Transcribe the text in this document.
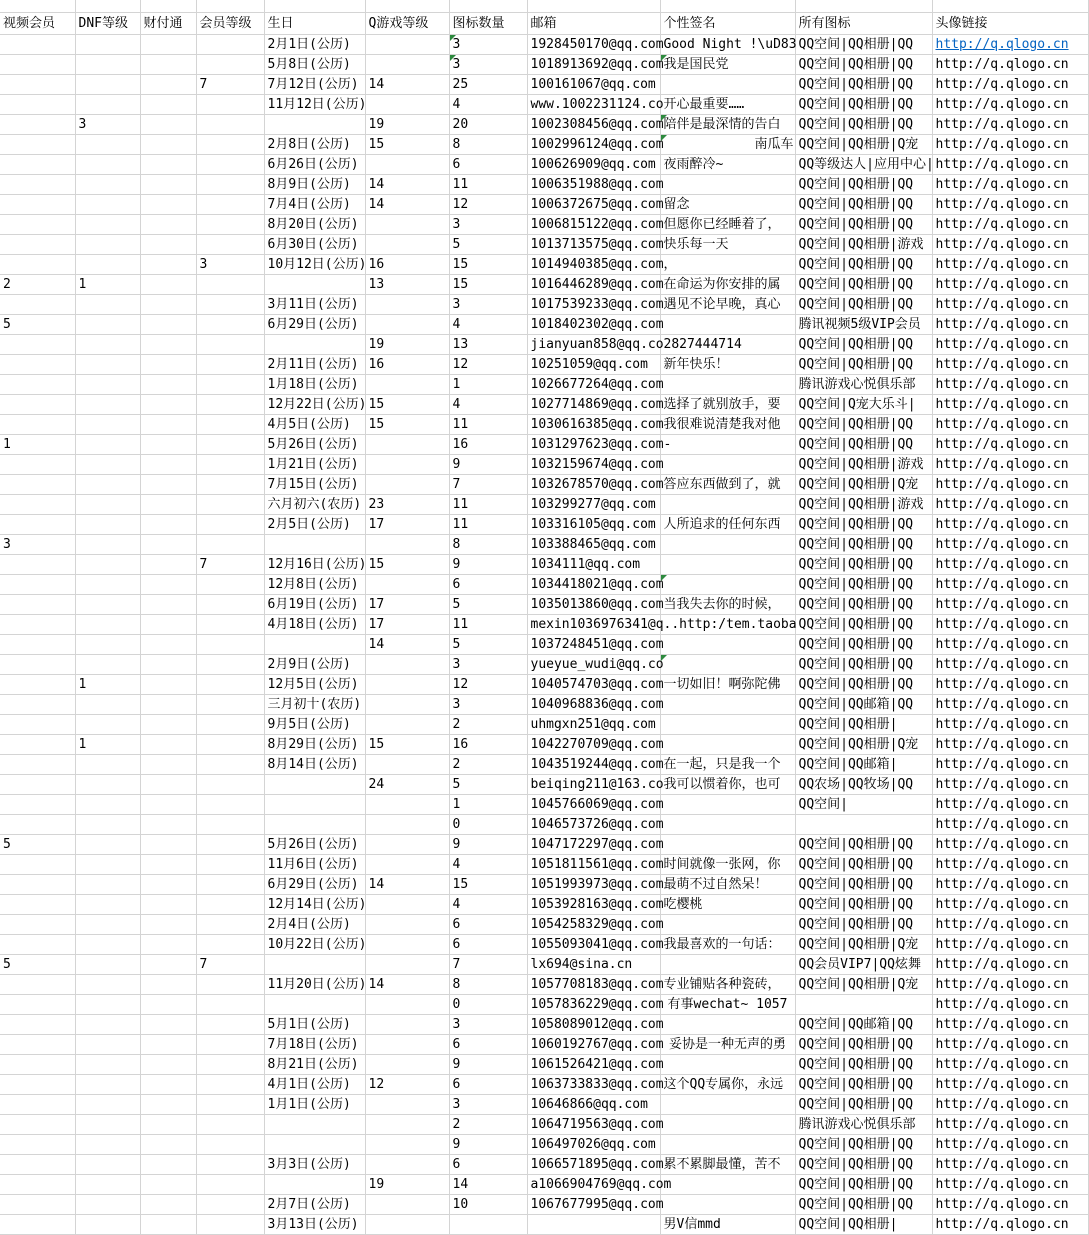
视频会员	DNF等级	财付通	会员等级	生日	Q游戏等级	图标数量	邮箱	个性签名	所有图标	头像链接
				2月1日(公历)		3	1928450170@qq.com	Good Night !\uD83	QQ空间|QQ相册|QQ	http://q.qlogo.cn
				5月8日(公历)		3	1018913692@qq.com	我是国民党	QQ空间|QQ相册|QQ	http://q.qlogo.cn
			7	7月12日(公历)	14	25	100161067@qq.com		QQ空间|QQ相册|QQ	http://q.qlogo.cn
				11月12日(公历)		4	www.1002231124.co	开心最重要……	QQ空间|QQ相册|QQ	http://q.qlogo.cn
	3				19	20	1002308456@qq.com	陪伴是最深情的告白	QQ空间|QQ相册|QQ	http://q.qlogo.cn
				2月8日(公历)	15	8	1002996124@qq.com	南瓜车	QQ空间|QQ相册|Q宠	http://q.qlogo.cn
				6月26日(公历)		6	100626909@qq.com	夜雨醉冷~	QQ等级达人|应用中心|	http://q.qlogo.cn
				8月9日(公历)	14	11	1006351988@qq.com		QQ空间|QQ相册|QQ	http://q.qlogo.cn
				7月4日(公历)	14	12	1006372675@qq.com	留念	QQ空间|QQ相册|QQ	http://q.qlogo.cn
				8月20日(公历)		3	1006815122@qq.com	但愿你已经睡着了，	QQ空间|QQ相册|QQ	http://q.qlogo.cn
				6月30日(公历)		5	1013713575@qq.com	快乐每一天	QQ空间|QQ相册|游戏	http://q.qlogo.cn
			3	10月12日(公历)	16	15	1014940385@qq.com	，	QQ空间|QQ相册|QQ	http://q.qlogo.cn
2	1				13	15	1016446289@qq.com	在命运为你安排的属	QQ空间|QQ相册|QQ	http://q.qlogo.cn
				3月11日(公历)		3	1017539233@qq.com	遇见不论早晚，真心	QQ空间|QQ相册|QQ	http://q.qlogo.cn
5				6月29日(公历)		4	1018402302@qq.com		腾讯视频5级VIP会员	http://q.qlogo.cn
					19	13	jianyuan858@qq.co	2827444714	QQ空间|QQ相册|QQ	http://q.qlogo.cn
				2月11日(公历)	16	12	10251059@qq.com	新年快乐！	QQ空间|QQ相册|QQ	http://q.qlogo.cn
				1月18日(公历)		1	1026677264@qq.com		腾讯游戏心悦俱乐部	http://q.qlogo.cn
				12月22日(公历)	15	4	1027714869@qq.com	选择了就别放手，要	QQ空间|Q宠大乐斗|	http://q.qlogo.cn
				4月5日(公历)	15	11	1030616385@qq.com	我很难说清楚我对他	QQ空间|QQ相册|QQ	http://q.qlogo.cn
1				5月26日(公历)		16	1031297623@qq.com	-	QQ空间|QQ相册|QQ	http://q.qlogo.cn
				1月21日(公历)		9	1032159674@qq.com		QQ空间|QQ相册|游戏	http://q.qlogo.cn
				7月15日(公历)		7	1032678570@qq.com	答应东西做到了，就	QQ空间|QQ相册|Q宠	http://q.qlogo.cn
				六月初六(农历)	23	11	103299277@qq.com		QQ空间|QQ相册|游戏	http://q.qlogo.cn
				2月5日(公历)	17	11	103316105@qq.com	人所追求的任何东西	QQ空间|QQ相册|QQ	http://q.qlogo.cn
3						8	103388465@qq.com		QQ空间|QQ相册|QQ	http://q.qlogo.cn
			7	12月16日(公历)	15	9	1034111@qq.com		QQ空间|QQ相册|QQ	http://q.qlogo.cn
				12月8日(公历)		6	1034418021@qq.com		QQ空间|QQ相册|QQ	http://q.qlogo.cn
				6月19日(公历)	17	5	1035013860@qq.com	当我失去你的时候，	QQ空间|QQ相册|QQ	http://q.qlogo.cn
				4月18日(公历)	17	11	mexin1036976341@q	..http:/tem.taoba	QQ空间|QQ相册|QQ	http://q.qlogo.cn
					14	5	1037248451@qq.com		QQ空间|QQ相册|QQ	http://q.qlogo.cn
				2月9日(公历)		3	yueyue_wudi@qq.co		QQ空间|QQ相册|QQ	http://q.qlogo.cn
	1			12月5日(公历)		12	1040574703@qq.com	一切如旧！啊弥陀佛	QQ空间|QQ相册|QQ	http://q.qlogo.cn
				三月初十(农历)		3	1040968836@qq.com		QQ空间|QQ邮箱|QQ	http://q.qlogo.cn
				9月5日(公历)		2	uhmgxn251@qq.com		QQ空间|QQ相册|	http://q.qlogo.cn
	1			8月29日(公历)	15	16	1042270709@qq.com		QQ空间|QQ相册|Q宠	http://q.qlogo.cn
				8月14日(公历)		2	1043519244@qq.com	在一起，只是我一个	QQ空间|QQ邮箱|	http://q.qlogo.cn
					24	5	beiqing211@163.co	我可以惯着你，也可	QQ农场|QQ牧场|QQ	http://q.qlogo.cn
						1	1045766069@qq.com		QQ空间|	http://q.qlogo.cn
						0	1046573726@qq.com			http://q.qlogo.cn
5				5月26日(公历)		9	1047172297@qq.com		QQ空间|QQ相册|QQ	http://q.qlogo.cn
				11月6日(公历)		4	1051811561@qq.com	时间就像一张网，你	QQ空间|QQ相册|QQ	http://q.qlogo.cn
				6月29日(公历)	14	15	1051993973@qq.com	最萌不过自然呆！	QQ空间|QQ相册|QQ	http://q.qlogo.cn
				12月14日(公历)		4	1053928163@qq.com	吃樱桃	QQ空间|QQ相册|QQ	http://q.qlogo.cn
				2月4日(公历)		6	1054258329@qq.com		QQ空间|QQ相册|QQ	http://q.qlogo.cn
				10月22日(公历)		6	1055093041@qq.com	我最喜欢的一句话：	QQ空间|QQ相册|Q宠	http://q.qlogo.cn
5			7			7	lx694@sina.cn		QQ会员VIP7|QQ炫舞	http://q.qlogo.cn
				11月20日(公历)	14	8	1057708183@qq.com	专业铺贴各种瓷砖，	QQ空间|QQ相册|Q宠	http://q.qlogo.cn
						0	1057836229@qq.com	有事wechat~ 1057		http://q.qlogo.cn
				5月1日(公历)		3	1058089012@qq.com		QQ空间|QQ邮箱|QQ	http://q.qlogo.cn
				7月18日(公历)		6	1060192767@qq.com	妥协是一种无声的勇	QQ空间|QQ相册|QQ	http://q.qlogo.cn
				8月21日(公历)		9	1061526421@qq.com		QQ空间|QQ相册|QQ	http://q.qlogo.cn
				4月1日(公历)	12	6	1063733833@qq.com	这个QQ专属你，永远	QQ空间|QQ相册|QQ	http://q.qlogo.cn
				1月1日(公历)		3	10646866@qq.com		QQ空间|QQ相册|QQ	http://q.qlogo.cn
						2	1064719563@qq.com		腾讯游戏心悦俱乐部	http://q.qlogo.cn
						9	106497026@qq.com		QQ空间|QQ相册|QQ	http://q.qlogo.cn
				3月3日(公历)		6	1066571895@qq.com	累不累脚最懂，苦不	QQ空间|QQ相册|QQ	http://q.qlogo.cn
					19	14	a1066904769@qq.com		QQ空间|QQ相册|QQ	http://q.qlogo.cn
				2月7日(公历)		10	1067677995@qq.com		QQ空间|QQ相册|QQ	http://q.qlogo.cn
				3月13日(公历)				男V信mmd	QQ空间|QQ相册|	http://q.qlogo.cn
